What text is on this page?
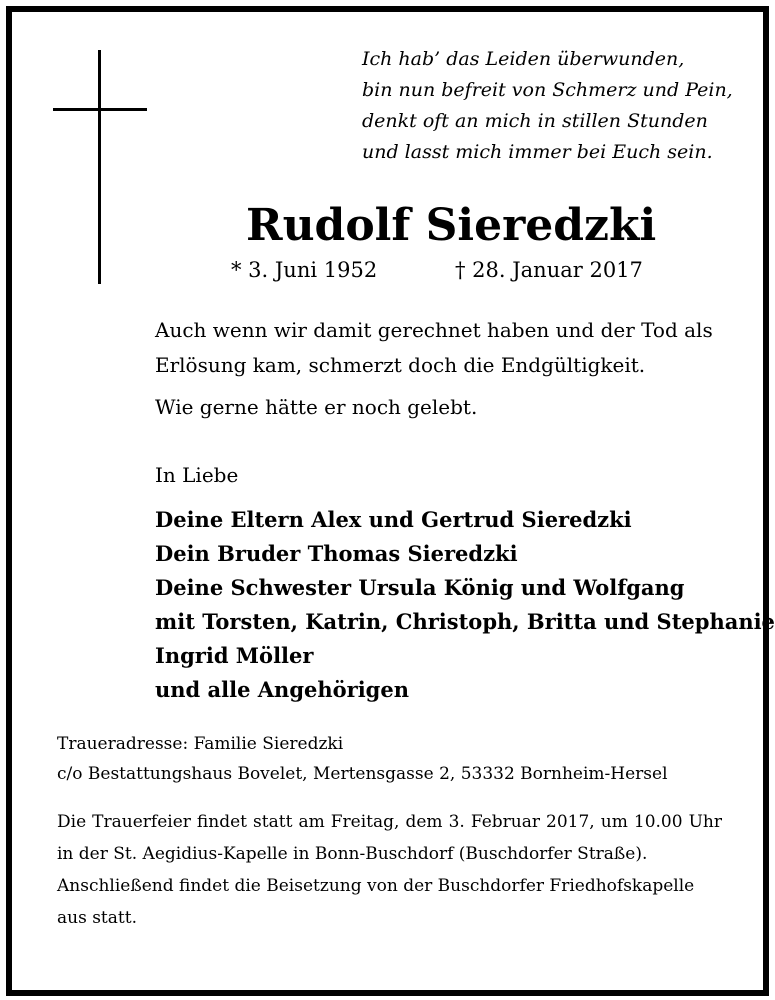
Ich hab’ das Leiden überwunden,
bin nun befreit von Schmerz und Pein,
denkt oft an mich in stillen Stunden
und lasst mich immer bei Euch sein.
Rudolf Sieredzki
* 3. Juni 1952	† 28. Januar 2017
Auch wenn wir damit gerechnet haben und der Tod als
Erlösung kam, schmerzt doch die Endgültigkeit.
Wie gerne hätte er noch gelebt.
In Liebe
Deine Eltern Alex und Gertrud Sieredzki
Dein Bruder Thomas Sieredzki
Deine Schwester Ursula König und Wolfgang
mit Torsten, Katrin, Christoph, Britta und Stephanie
Ingrid Möller
und alle Angehörigen
Traueradresse: Familie Sieredzki
c/o Bestattungshaus Bovelet, Mertensgasse 2, 53332 Bornheim-Hersel

Die Trauerfeier findet statt am Freitag, dem 3. Februar 2017, um 10.00 Uhr in der St. Aegidius-Kapelle in Bonn-Buschdorf (Buschdorfer Straße).

Anschließend findet die Beisetzung von der Buschdorfer Friedhofskapelle aus statt.
